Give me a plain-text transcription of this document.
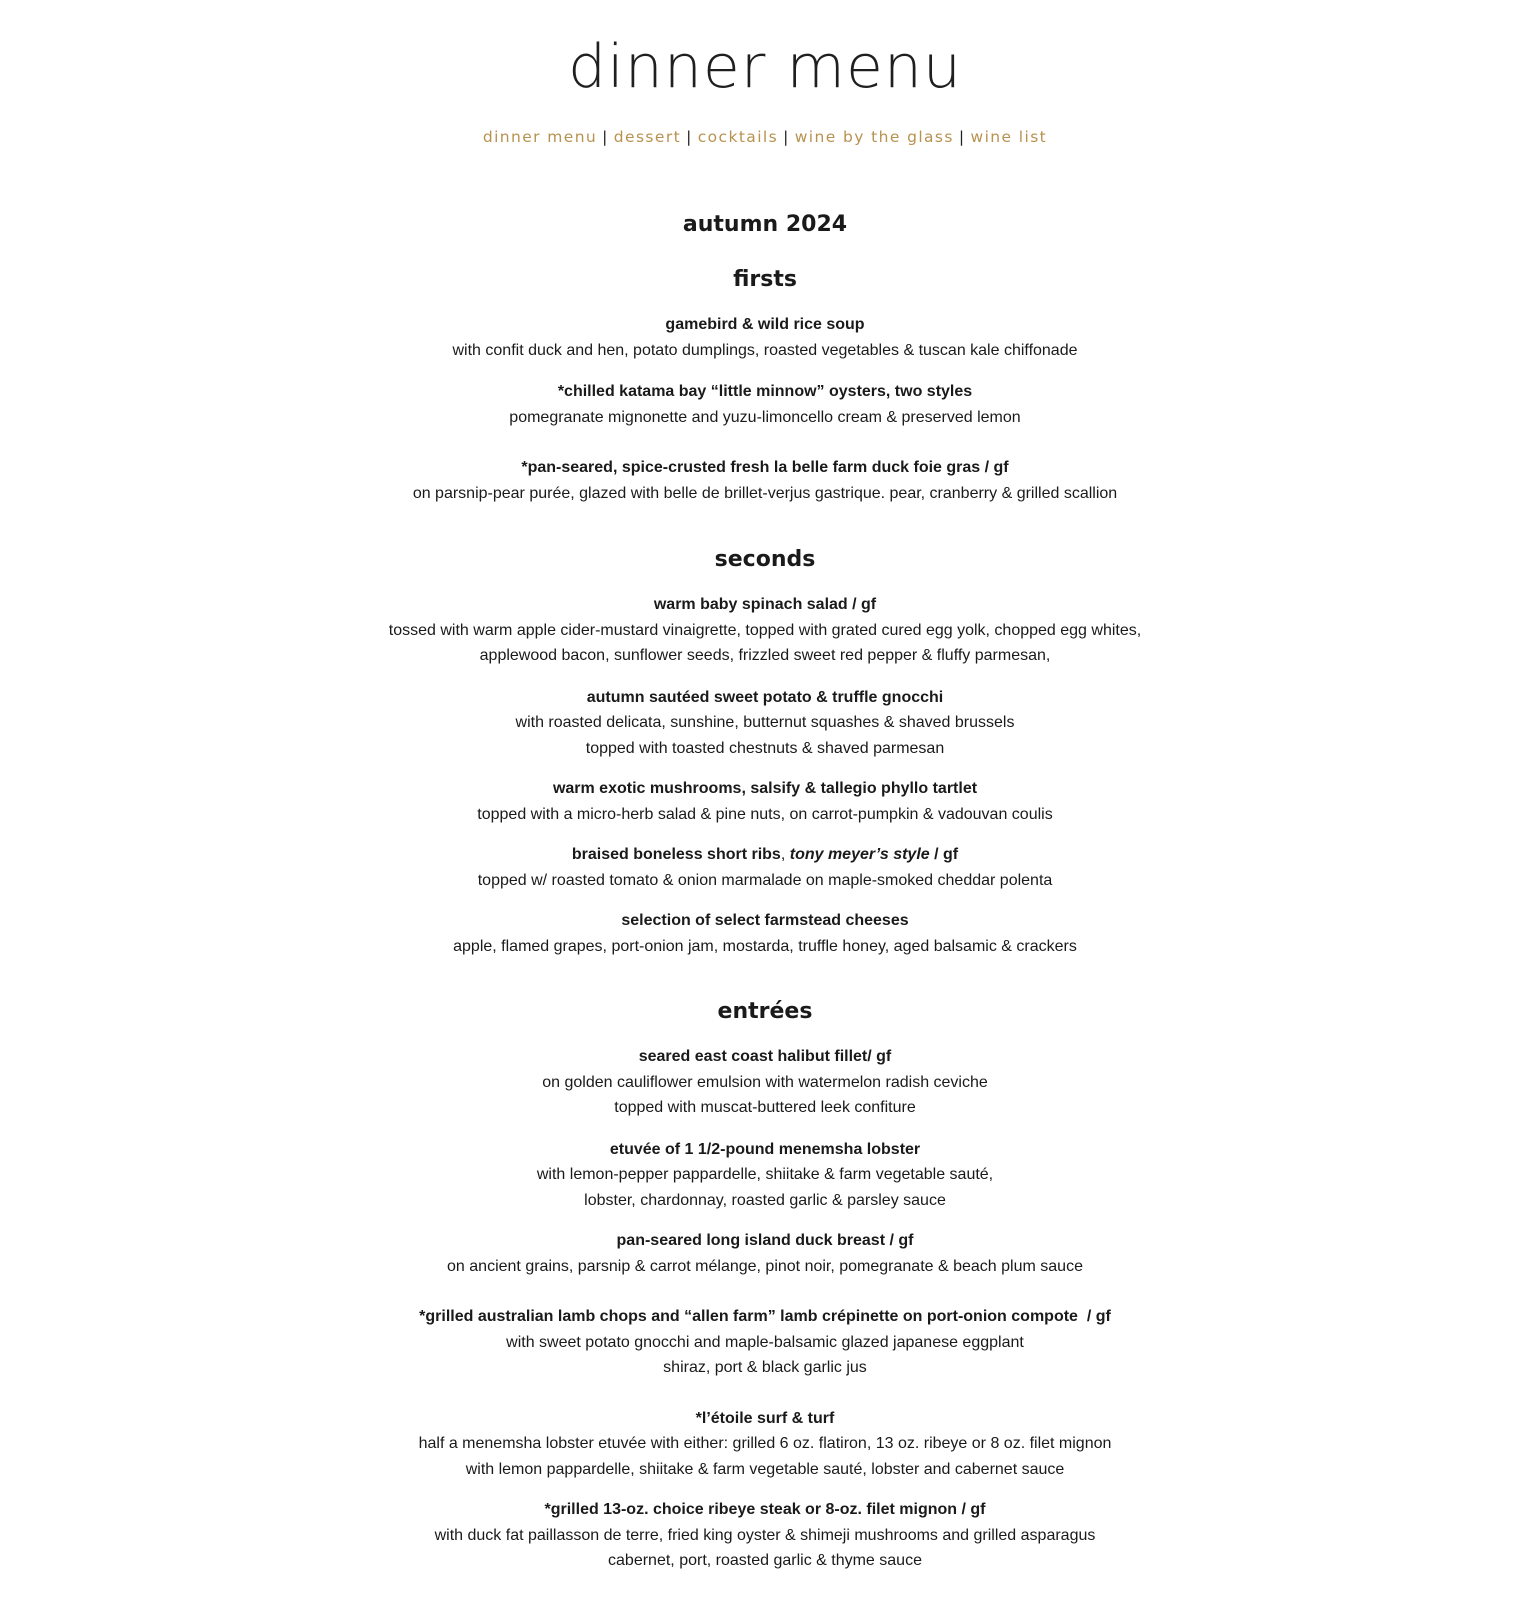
dinner menu
dinner menu | dessert | cocktails | wine by the glass | wine list
autumn 2024
firsts
gamebird & wild rice soup
with confit duck and hen, potato dumplings, roasted vegetables & tuscan kale chiffonade
*chilled katama bay “little minnow” oysters, two styles
pomegranate mignonette and yuzu-limoncello cream & preserved lemon
*pan-seared, spice-crusted fresh la belle farm duck foie gras / gf
on parsnip-pear purée, glazed with belle de brillet-verjus gastrique. pear, cranberry & grilled scallion
seconds
warm baby spinach salad / gf
tossed with warm apple cider-mustard vinaigrette, topped with grated cured egg yolk, chopped egg whites,
applewood bacon, sunflower seeds, frizzled sweet red pepper & fluffy parmesan,
autumn sautéed sweet potato & truffle gnocchi
with roasted delicata, sunshine, butternut squashes & shaved brussels
topped with toasted chestnuts & shaved parmesan
warm exotic mushrooms, salsify & tallegio phyllo tartlet
topped with a micro-herb salad & pine nuts, on carrot-pumpkin & vadouvan coulis
braised boneless short ribs, tony meyer’s style / gf
topped w/ roasted tomato & onion marmalade on maple-smoked cheddar polenta
selection of select farmstead cheeses
apple, flamed grapes, port-onion jam, mostarda, truffle honey, aged balsamic & crackers
entrées
seared east coast halibut fillet/ gf
on golden cauliflower emulsion with watermelon radish ceviche
topped with muscat-buttered leek confiture
etuvée of 1 1/2-pound menemsha lobster
with lemon-pepper pappardelle, shiitake & farm vegetable sauté,
lobster, chardonnay, roasted garlic & parsley sauce
pan-seared long island duck breast / gf
on ancient grains, parsnip & carrot mélange, pinot noir, pomegranate & beach plum sauce
*grilled australian lamb chops and “allen farm” lamb crépinette on port-onion compote  / gf
with sweet potato gnocchi and maple-balsamic glazed japanese eggplant
shiraz, port & black garlic jus
*l’étoile surf & turf
half a menemsha lobster etuvée with either: grilled 6 oz. flatiron, 13 oz. ribeye or 8 oz. filet mignon
with lemon pappardelle, shiitake & farm vegetable sauté, lobster and cabernet sauce
*grilled 13-oz. choice ribeye steak or 8-oz. filet mignon / gf
with duck fat paillasson de terre, fried king oyster & shimeji mushrooms and grilled asparagus
cabernet, port, roasted garlic & thyme sauce
